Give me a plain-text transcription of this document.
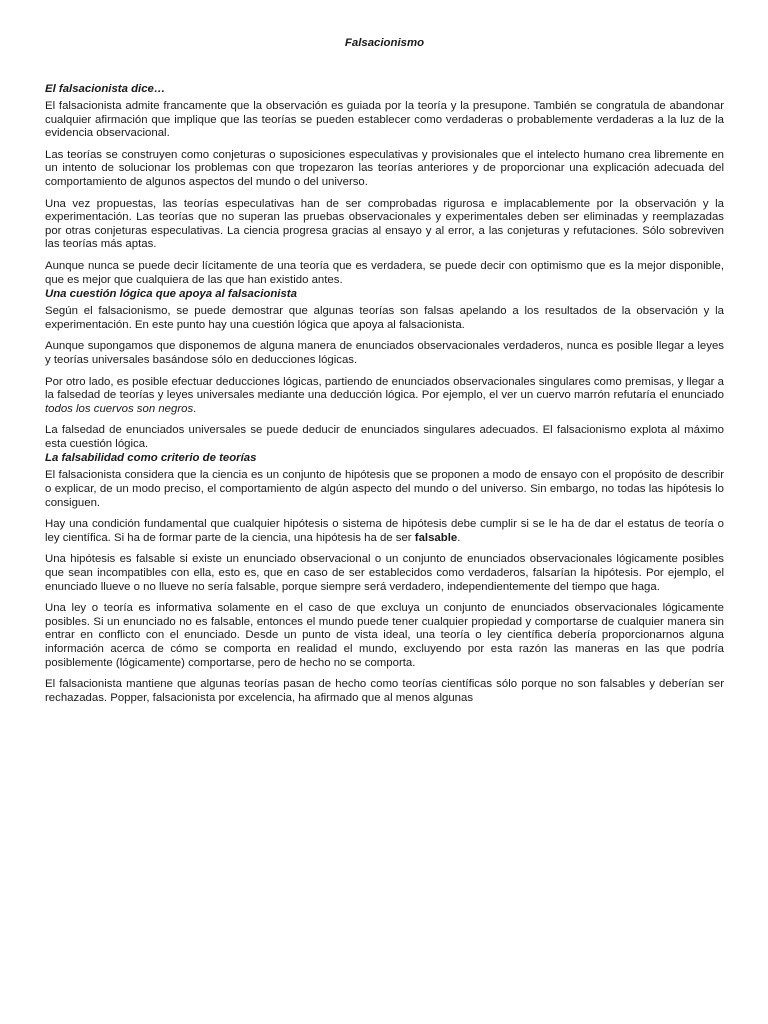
Falsacionismo
El falsacionista dice…

El falsacionista admite francamente que la observación es guiada por la teoría y la presupone. También se congratula de abandonar cualquier afirmación que implique que las teorías se pueden establecer como verdaderas o probablemente verdaderas a la luz de la evidencia observacional.

Las teorías se construyen como conjeturas o suposiciones especulativas y provisionales que el intelecto humano crea libremente en un intento de solucionar los problemas con que tropezaron las teorías anteriores y de proporcionar una explicación adecuada del comportamiento de algunos aspectos del mundo o del universo.

Una vez propuestas, las teorías especulativas han de ser comprobadas rigurosa e implacablemente por la observación y la experimentación. Las teorías que no superan las pruebas observacionales y experimentales deben ser eliminadas y reemplazadas por otras conjeturas especulativas. La ciencia progresa gracias al ensayo y al error, a las conjeturas y refutaciones. Sólo sobreviven las teorías más aptas.

Aunque nunca se puede decir lícitamente de una teoría que es verdadera, se puede decir con optimismo que es la mejor disponible, que es mejor que cualquiera de las que han existido antes.

Una cuestión lógica que apoya al falsacionista

Según el falsacionismo, se puede demostrar que algunas teorías son falsas apelando a los resultados de la observación y la experimentación. En este punto hay una cuestión lógica que apoya al falsacionista.

Aunque supongamos que disponemos de alguna manera de enunciados observacionales verdaderos, nunca es posible llegar a leyes y teorías universales basándose sólo en deducciones lógicas.

Por otro lado, es posible efectuar deducciones lógicas, partiendo de enunciados observacionales singulares como premisas, y llegar a la falsedad de teorías y leyes universales mediante una deducción lógica. Por ejemplo, el ver un cuervo marrón refutaría el enunciado todos los cuervos son negros.

La falsedad de enunciados universales se puede deducir de enunciados singulares adecuados. El falsacionismo explota al máximo esta cuestión lógica.

La falsabilidad como criterio de teorías

El falsacionista considera que la ciencia es un conjunto de hipótesis que se proponen a modo de ensayo con el propósito de describir o explicar, de un modo preciso, el comportamiento de algún aspecto del mundo o del universo. Sin embargo, no todas las hipótesis lo consiguen.

Hay una condición fundamental que cualquier hipótesis o sistema de hipótesis debe cumplir si se le ha de dar el estatus de teoría o ley científica. Si ha de formar parte de la ciencia, una hipótesis ha de ser falsable.

Una hipótesis es falsable si existe un enunciado observacional o un conjunto de enunciados observacionales lógicamente posibles que sean incompatibles con ella, esto es, que en caso de ser establecidos como verdaderos, falsarían la hipótesis. Por ejemplo, el enunciado llueve o no llueve no sería falsable, porque siempre será verdadero, independientemente del tiempo que haga.

Una ley o teoría es informativa solamente en el caso de que excluya un conjunto de enunciados observacionales lógicamente posibles. Si un enunciado no es falsable, entonces el mundo puede tener cualquier propiedad y comportarse de cualquier manera sin entrar en conflicto con el enunciado. Desde un punto de vista ideal, una teoría o ley científica debería proporcionarnos alguna información acerca de cómo se comporta en realidad el mundo, excluyendo por esta razón las maneras en las que podría posiblemente (lógicamente) comportarse, pero de hecho no se comporta.

El falsacionista mantiene que algunas teorías pasan de hecho como teorías científicas sólo porque no son falsables y deberían ser rechazadas. Popper, falsacionista por excelencia, ha afirmado que al menos algunas
